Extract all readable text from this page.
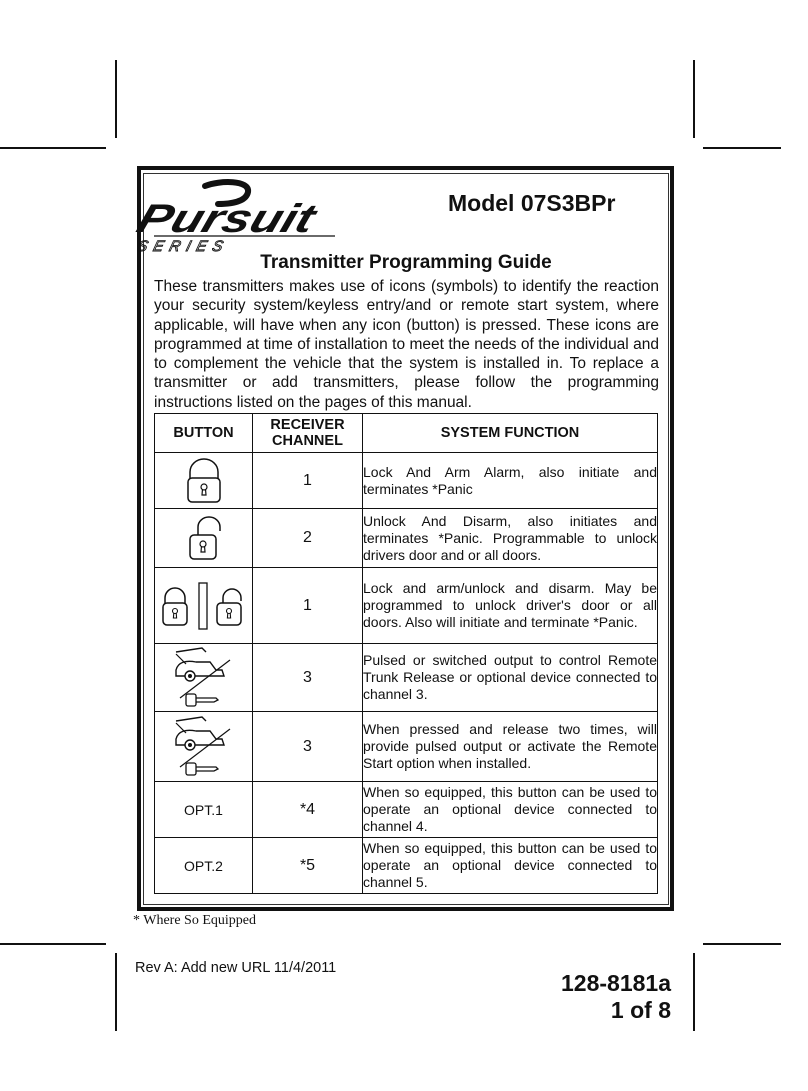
Pursuit
SERIES
Model 07S3BPr
Transmitter Programming Guide
These transmitters makes use of icons (symbols) to identify the reaction your security system/keyless entry/and or remote start system, where applicable, will have when any icon (button) is pressed. These icons are programmed at time of installation to meet the needs of the individual and to complement the vehicle that the system is installed in. To replace a transmitter or add transmitters, please follow the programming instructions listed on the pages of this manual.
BUTTON	RECEIVER CHANNEL	SYSTEM FUNCTION

	1	Lock And Arm Alarm, also initiate and terminates *Panic

	2	Unlock And Disarm, also initiates and terminates *Panic. Programmable to unlock drivers door and or all doors.

	1	Lock and arm/unlock and disarm. May be programmed to unlock driver's door or all doors. Also will initiate and terminate *Panic.

	3	Pulsed or switched output to control Remote Trunk Release or optional device connected to channel 3.

	3	When pressed and release two times, will provide pulsed output or activate the Remote Start option when installed.
OPT.1	*4	When so equipped, this button can be used to operate an optional device connected to channel 4.
OPT.2	*5	When so equipped, this button can be used to operate an optional device connected to channel 5.
* Where So Equipped
Rev A: Add new URL 11/4/2011
128-8181a
1 of 8
